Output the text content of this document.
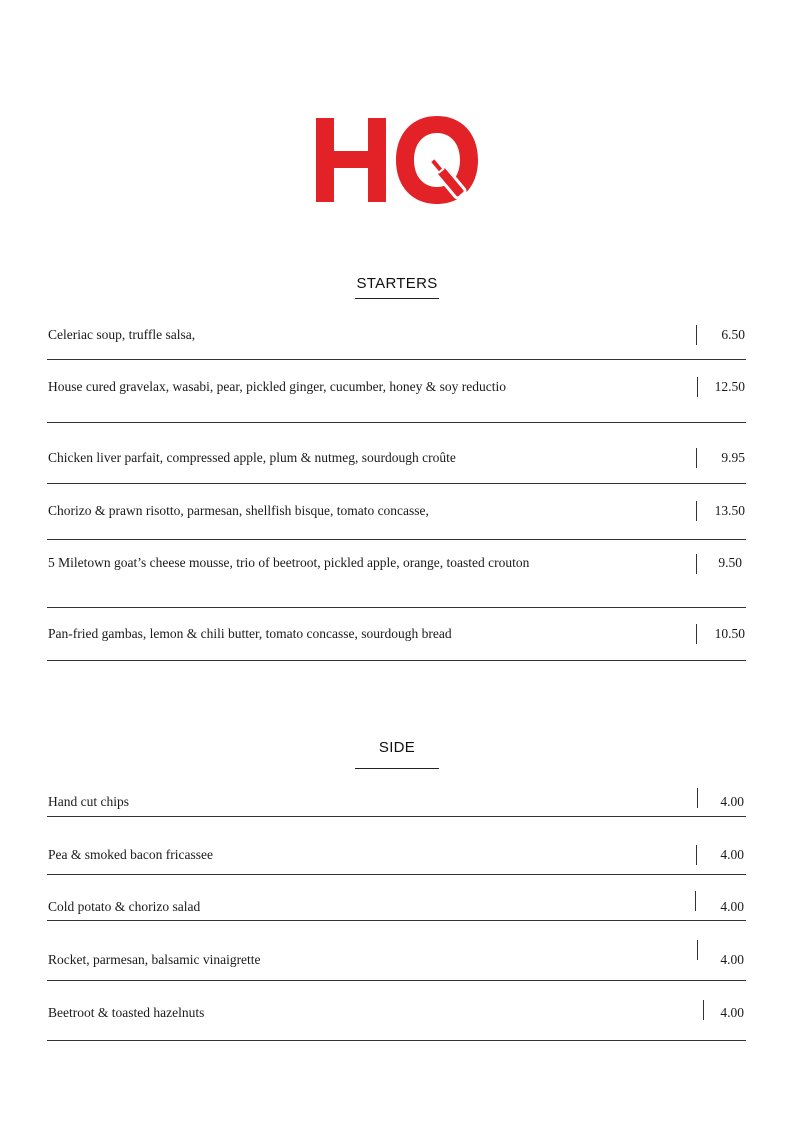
STARTERS
Celeriac soup, truffle salsa,	6.50
House cured gravelax, wasabi, pear, pickled ginger, cucumber, honey & soy reductio	12.50
Chicken liver parfait, compressed apple, plum & nutmeg, sourdough croûte	9.95
Chorizo & prawn risotto, parmesan, shellfish bisque, tomato concasse,	13.50
5 Miletown goat’s cheese mousse, trio of beetroot, pickled apple, orange, toasted crouton	9.50
Pan-fried gambas, lemon & chili butter, tomato concasse, sourdough bread	10.50
SIDE
Hand cut chips	4.00
Pea & smoked bacon fricassee	4.00
Cold potato & chorizo salad	4.00
Rocket, parmesan, balsamic vinaigrette	4.00
Beetroot & toasted hazelnuts	4.00
